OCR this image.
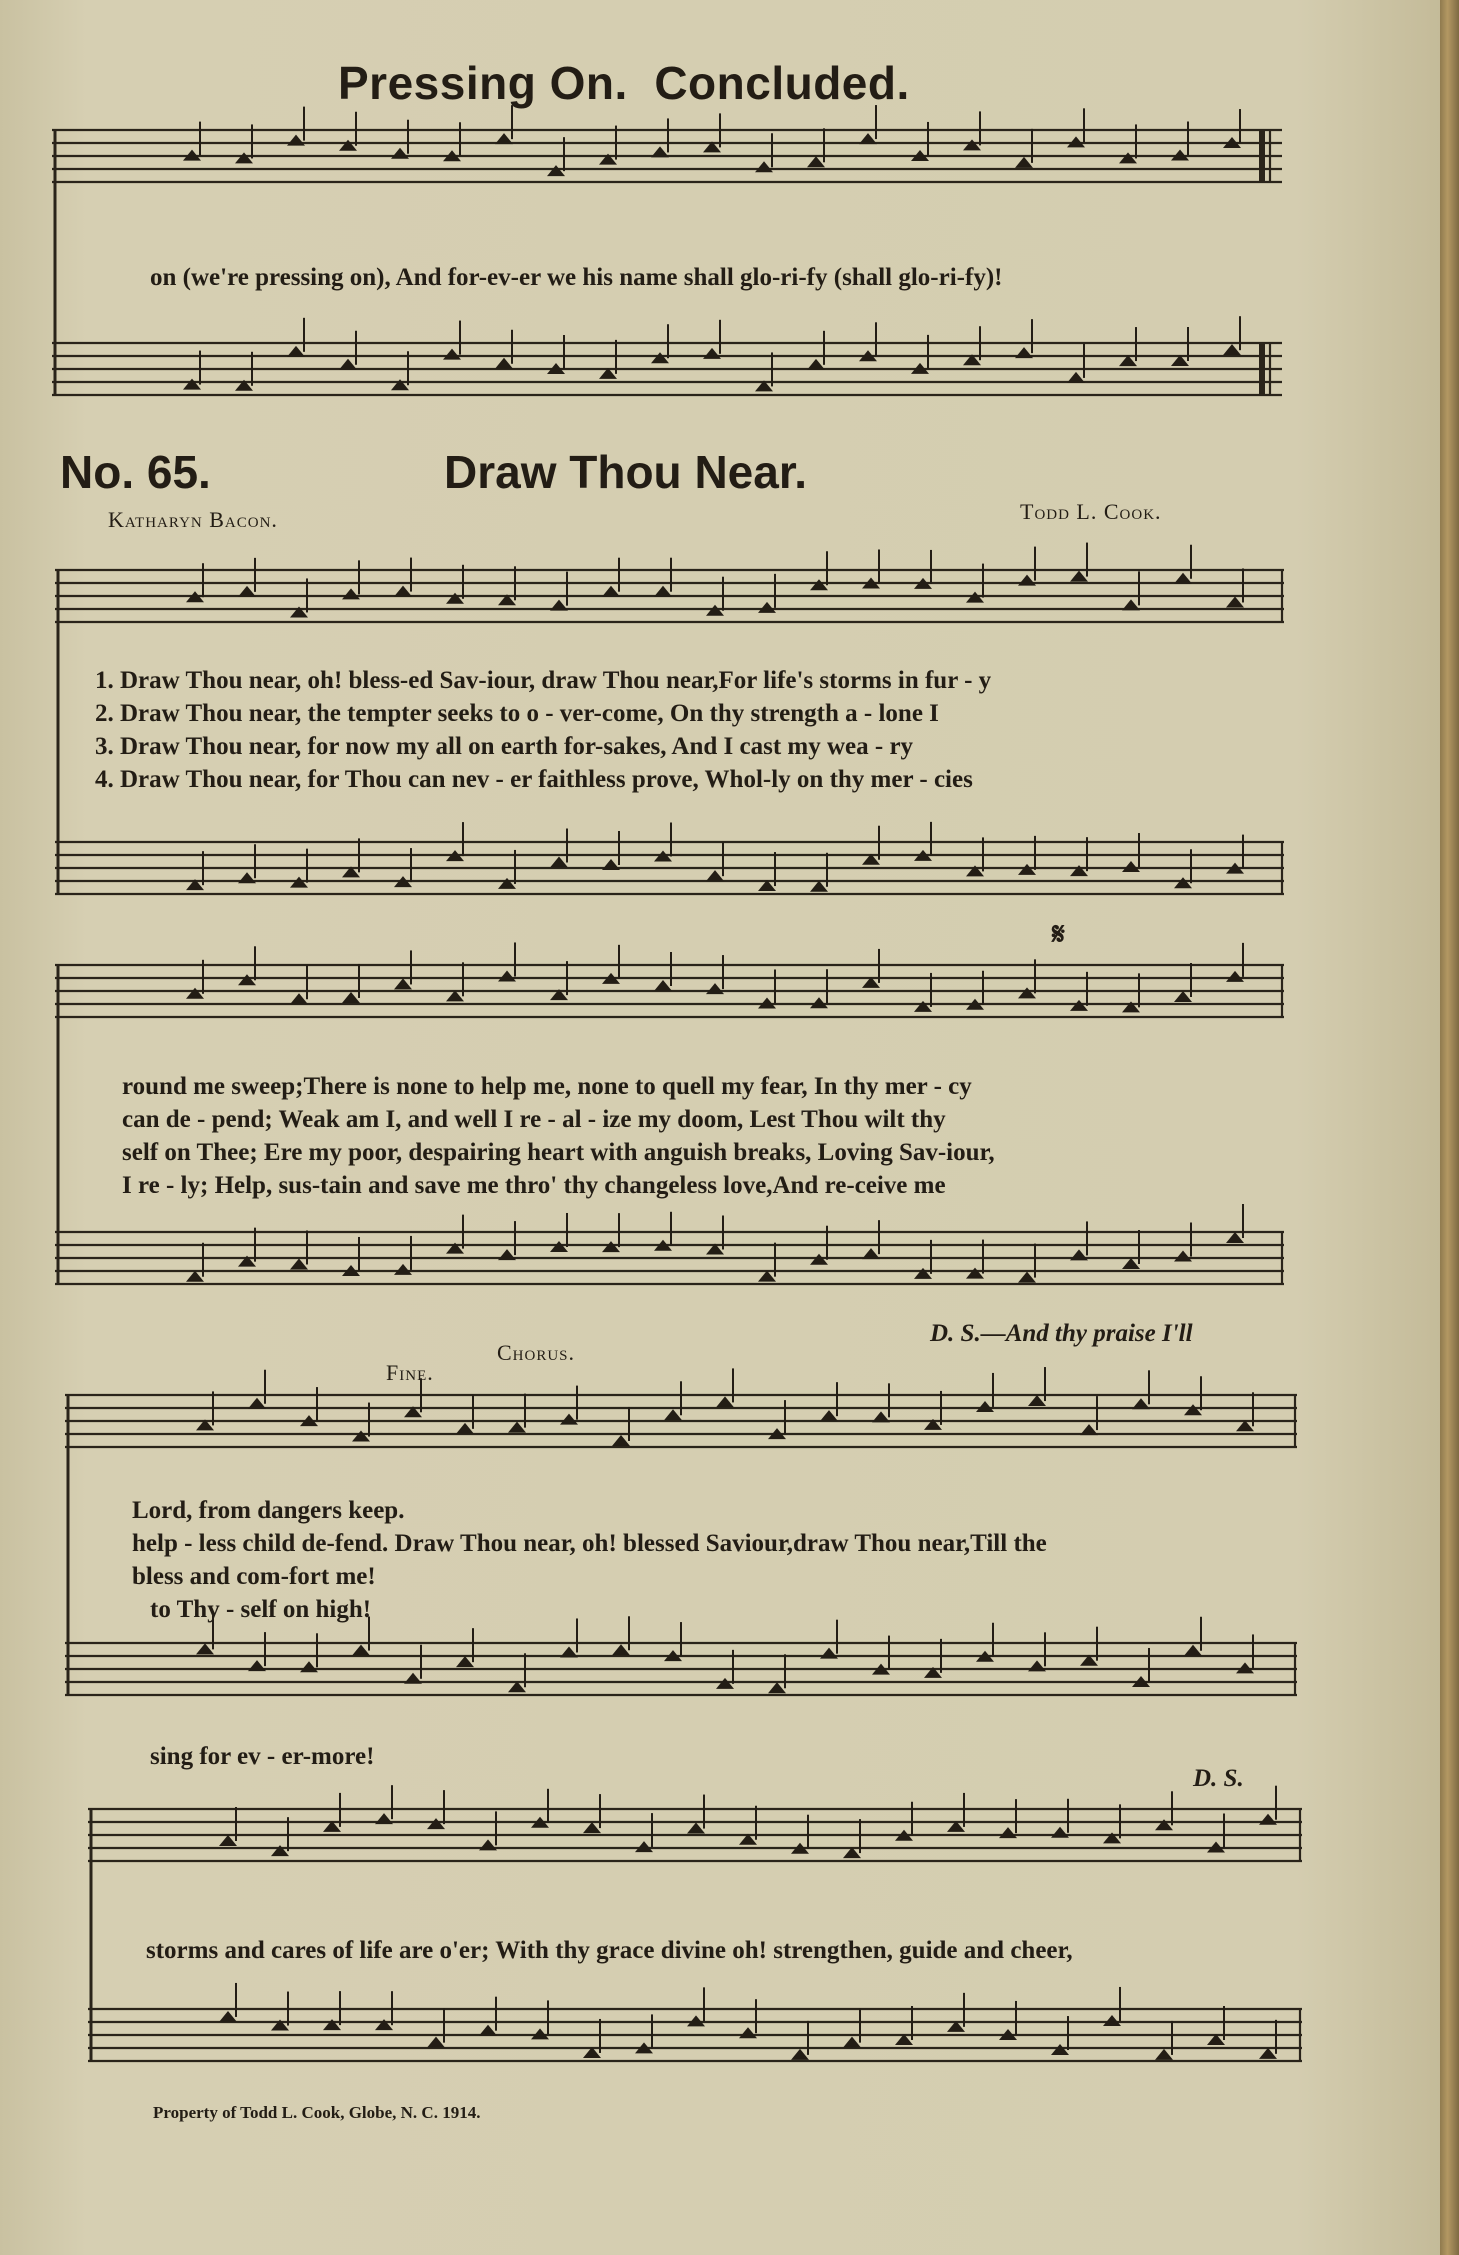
Pressing On. Concluded.
on (we're pressing on), And for-ev-er we his name shall glo-ri-fy (shall glo-ri-fy)!
No. 65.	Draw Thou Near.
Katharyn Bacon.	Todd L. Cook.
1. Draw Thou near, oh! bless-ed Sav-iour, draw Thou near,For life's storms in fur - y
2. Draw Thou near, the tempter seeks to o - ver-come, On thy strength a - lone I
3. Draw Thou near, for now my all on earth for-sakes, And I cast my wea - ry
4. Draw Thou near, for Thou can nev - er faithless prove, Whol-ly on thy mer - cies
𝄋
round me sweep;There is none to help me, none to quell my fear, In thy mer - cy
can de - pend; Weak am I, and well I re - al - ize my doom, Lest Thou wilt thy
self on Thee; Ere my poor, despairing heart with anguish breaks, Loving Sav-iour,
I re - ly; Help, sus-tain and save me thro' thy changeless love,And re-ceive me
D. S.—And thy praise I'll
Fine.
Chorus.
Lord, from dangers keep.
help - less child de-fend. Draw Thou near, oh! blessed Saviour,draw Thou near,Till the
bless and com-fort me!
to Thy - self on high!
sing for ev - er-more!
D. S.
storms and cares of life are o'er; With thy grace divine oh! strengthen, guide and cheer,
Property of Todd L. Cook, Globe, N. C. 1914.
